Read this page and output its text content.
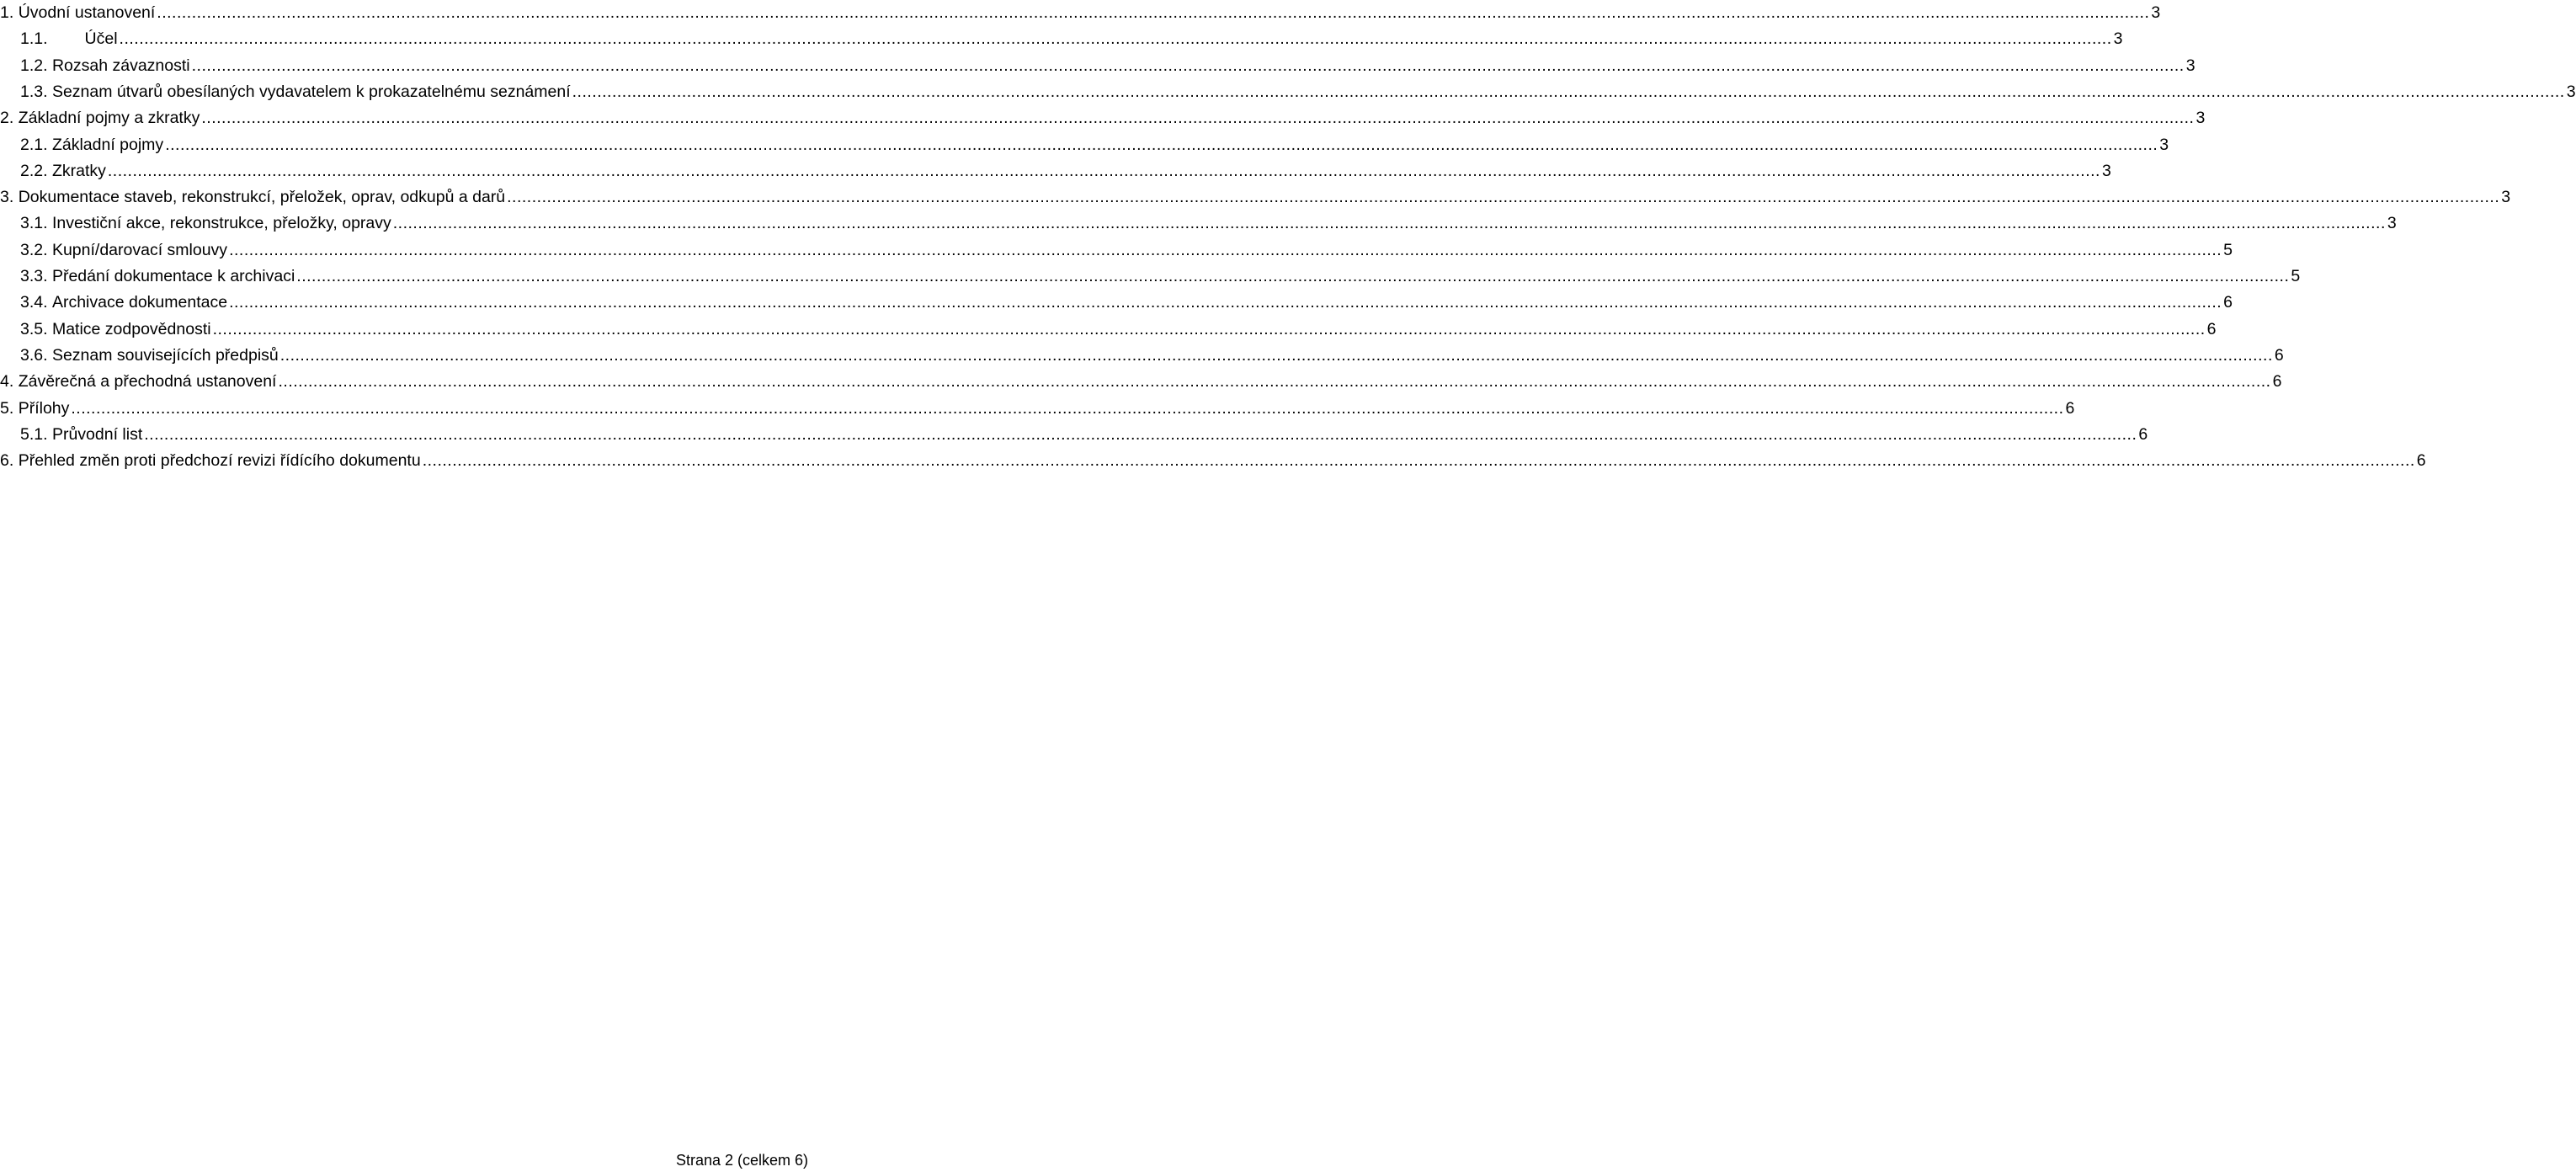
1. Úvodní ustanovení ................................................................................................................................................................................................................................................................................................................................................................................................................ 3
1.1. Účel ................................................................................................................................................................................................................................................................................................................................................................................................................ 3
1.2. Rozsah závaznosti ................................................................................................................................................................................................................................................................................................................................................................................................................ 3
1.3. Seznam útvarů obesílaných vydavatelem k prokazatelnému seznámení ................................................................................................................................................................................................................................................................................................................................................................................................................ 3
2. Základní pojmy a zkratky ................................................................................................................................................................................................................................................................................................................................................................................................................ 3
2.1. Základní pojmy ................................................................................................................................................................................................................................................................................................................................................................................................................ 3
2.2. Zkratky ................................................................................................................................................................................................................................................................................................................................................................................................................ 3
3. Dokumentace staveb, rekonstrukcí, přeložek, oprav, odkupů a darů ................................................................................................................................................................................................................................................................................................................................................................................................................ 3
3.1. Investiční akce, rekonstrukce, přeložky, opravy ................................................................................................................................................................................................................................................................................................................................................................................................................ 3
3.2. Kupní/darovací smlouvy ................................................................................................................................................................................................................................................................................................................................................................................................................ 5
3.3. Předání dokumentace k archivaci ................................................................................................................................................................................................................................................................................................................................................................................................................ 5
3.4. Archivace dokumentace ................................................................................................................................................................................................................................................................................................................................................................................................................ 6
3.5. Matice zodpovědnosti ................................................................................................................................................................................................................................................................................................................................................................................................................ 6
3.6. Seznam souvisejících předpisů ................................................................................................................................................................................................................................................................................................................................................................................................................ 6
4. Závěrečná a přechodná ustanovení ................................................................................................................................................................................................................................................................................................................................................................................................................ 6
5. Přílohy ................................................................................................................................................................................................................................................................................................................................................................................................................ 6
5.1. Průvodní list ................................................................................................................................................................................................................................................................................................................................................................................................................ 6
6. Přehled změn proti předchozí revizi řídícího dokumentu ................................................................................................................................................................................................................................................................................................................................................................................................................ 6
Strana 2 (celkem 6)
